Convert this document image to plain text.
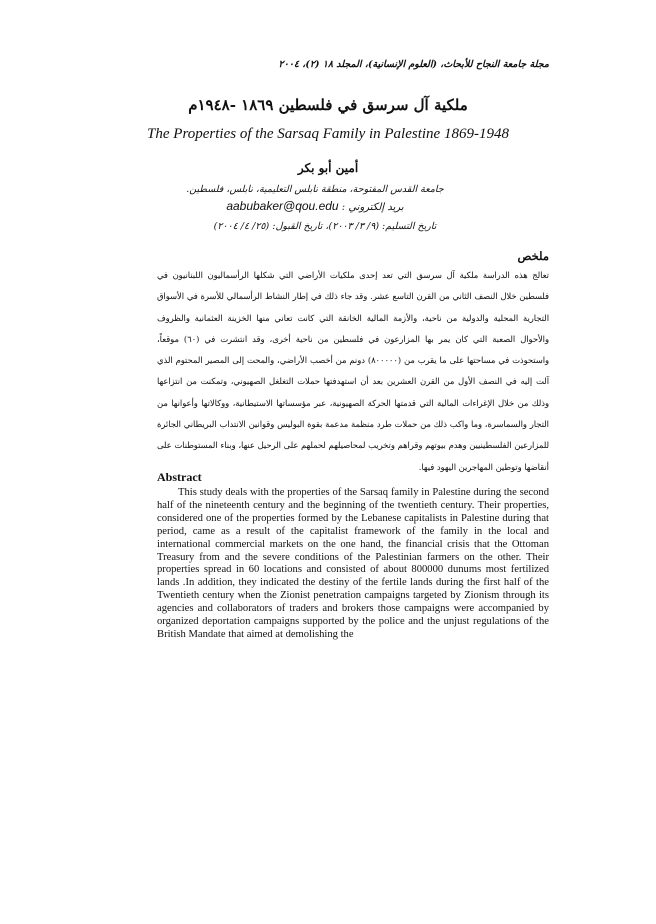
مجلة جامعة النجاح للأبحاث، (العلوم الإنسانية)، المجلد ١٨ (٢)، ٢٠٠٤
ملكية آل سرسق في فلسطين ١٨٦٩ -١٩٤٨م
The Properties of the Sarsaq Family in Palestine 1869-1948
أمين أبو بكر
جامعة القدس المفتوحة، منطقة نابلس التعليمية، نابلس، فلسطين.
بريد إلكتروني : aabubaker@qou.edu
تاريخ التسليم: (٩/ ٣/ ٢٠٠٣)، تاريخ القبول: (٢٥/ ٤/ ٢٠٠٤)
ملخص
تعالج هذه الدراسة ملكية آل سرسق التي تعد إحدى ملكيات الأراضي التي شكلها الرأسماليون اللبنانيون في فلسطين خلال النصف الثاني من القرن التاسع عشر. وقد جاء ذلك في إطار النشاط الرأسمالي للأسرة في الأسواق التجارية المحلية والدولية من ناحية، والأزمة المالية الخانقة التي كانت تعاني منها الخزينة العثمانية والظروف والأحوال الصعبة التي كان يمر بها المزارعون في فلسطين من ناحية أخرى، وقد انتشرت في (٦٠) موقعاً، واستحوذت في مساحتها على ما يقرب من (٨٠٠٠٠٠) دونم من أخصب الأراضي، والمحت إلى المصير المحتوم الذي آلت إليه في النصف الأول من القرن العشرين بعد أن استهدفتها حملات التغلغل الصهيوني، وتمكنت من انتزاعها وذلك من خلال الإغراءات المالية التي قدمتها الحركة الصهيونية، عبر مؤسساتها الاستيطانية، ووكالاتها وأعوانها من التجار والسماسرة، وما واكب ذلك من حملات طرد منظمة مدعمة بقوة البوليس وقوانين الانتداب البريطاني الجائرة للمزارعين الفلسطينيين وهدم بيوتهم وقراهم وتخريب لمحاصيلهم لحملهم على الرحيل عنها، وبناء المستوطنات على أنقاضها وتوطين المهاجرين اليهود فيها.
Abstract
This study deals with the properties of the Sarsaq family in Palestine during the second half of the nineteenth century and the beginning of the twentieth century. Their properties, considered one of the properties formed by the Lebanese capitalists in Palestine during that period, came as a result of the capitalist framework of the family in the local and international commercial markets on the one hand, the financial crisis that the Ottoman Treasury from and the severe conditions of the Palestinian farmers on the other. Their properties spread in 60 locations and consisted of about 800000 dunums most fertilized lands .In addition, they indicated the destiny of the fertile lands during the first half of the Twentieth century when the Zionist penetration campaigns targeted by Zionism through its agencies and collaborators of traders and brokers those campaigns were accompanied by organized deportation campaigns supported by the police and the unjust regulations of the British Mandate that aimed at demolishing the
